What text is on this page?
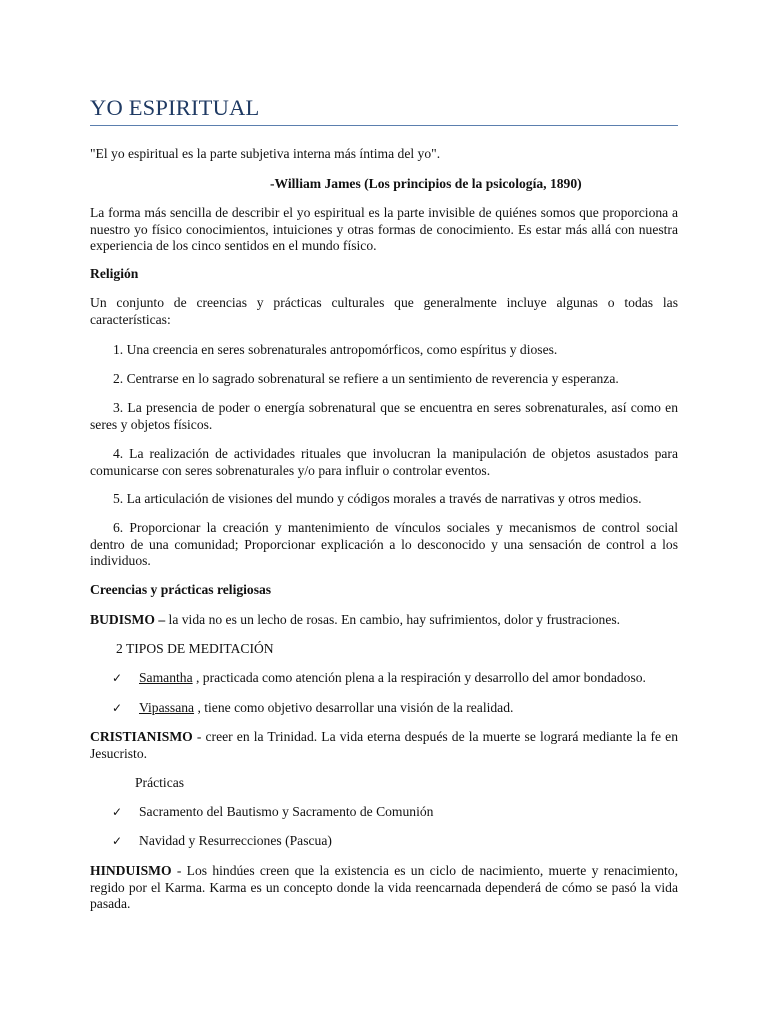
YO ESPIRITUAL
"El yo espiritual es la parte subjetiva interna más íntima del yo".
-William James (Los principios de la psicología, 1890)
La forma más sencilla de describir el yo espiritual es la parte invisible de quiénes somos que proporciona a nuestro yo físico conocimientos, intuiciones y otras formas de conocimiento. Es estar más allá con nuestra experiencia de los cinco sentidos en el mundo físico.
Religión
Un conjunto de creencias y prácticas culturales que generalmente incluye algunas o todas las características:
1. Una creencia en seres sobrenaturales antropomórficos, como espíritus y dioses.
2. Centrarse en lo sagrado sobrenatural se refiere a un sentimiento de reverencia y esperanza.
3. La presencia de poder o energía sobrenatural que se encuentra en seres sobrenaturales, así como en seres y objetos físicos.
4. La realización de actividades rituales que involucran la manipulación de objetos asustados para comunicarse con seres sobrenaturales y/o para influir o controlar eventos.
5. La articulación de visiones del mundo y códigos morales a través de narrativas y otros medios.
6. Proporcionar la creación y mantenimiento de vínculos sociales y mecanismos de control social dentro de una comunidad; Proporcionar explicación a lo desconocido y una sensación de control a los individuos.
Creencias y prácticas religiosas
BUDISMO – la vida no es un lecho de rosas. En cambio, hay sufrimientos, dolor y frustraciones.
2 TIPOS DE MEDITACIÓN
✓	Samantha , practicada como atención plena a la respiración y desarrollo del amor bondadoso.
✓	Vipassana , tiene como objetivo desarrollar una visión de la realidad.
CRISTIANISMO - creer en la Trinidad. La vida eterna después de la muerte se logrará mediante la fe en Jesucristo.
Prácticas
✓	Sacramento del Bautismo y Sacramento de Comunión
✓	Navidad y Resurrecciones (Pascua)
HINDUISMO - Los hindúes creen que la existencia es un ciclo de nacimiento, muerte y renacimiento, regido por el Karma. Karma es un concepto donde la vida reencarnada dependerá de cómo se pasó la vida pasada.
